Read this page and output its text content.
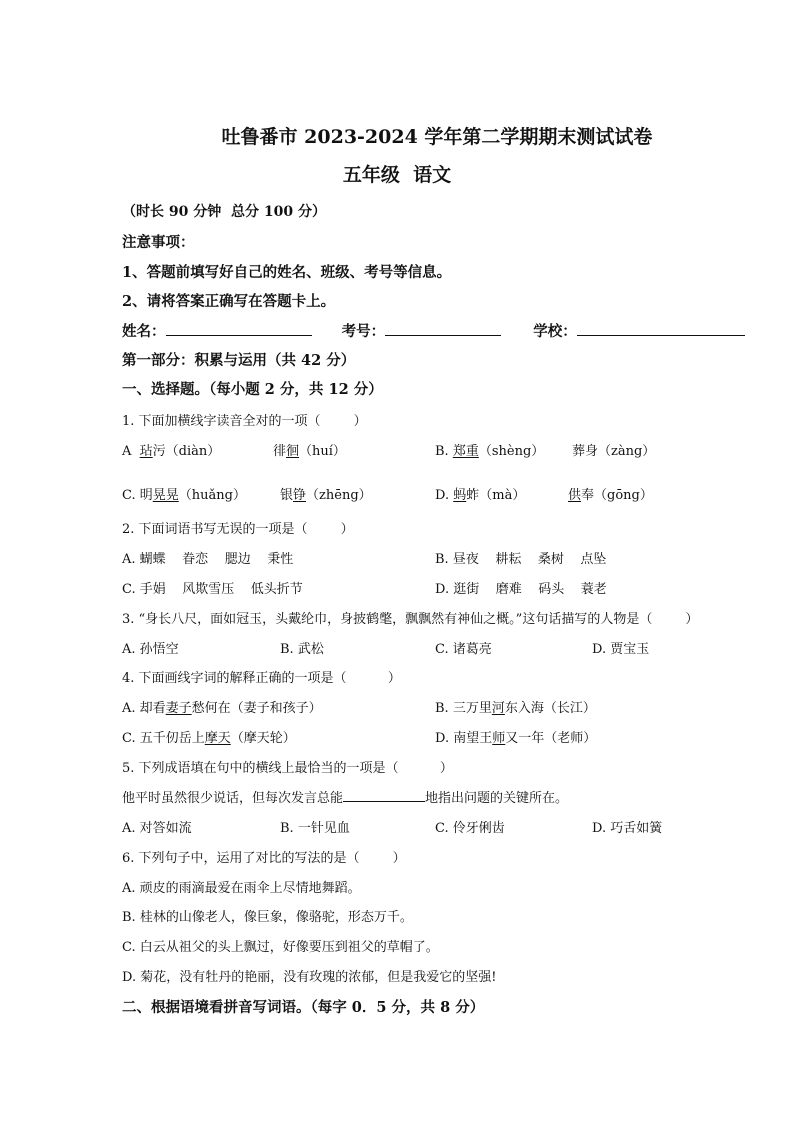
吐鲁番市 2023-2024 学年第二学期期末测试试卷
五年级  语文
（时长 90 分钟  总分 100 分）
注意事项：
1、答题前填写好自己的姓名、班级、考号等信息。
2、请将答案正确写在答题卡上。
姓名：	考号：	学校：
第一部分：积累与运用（共 42 分）
一、选择题。（每小题 2 分，共 12 分）
1. 下面加横线字读音全对的一项（        ）
A 玷污（diàn）	徘徊（huí）	B. 郑重（shèng） 葬身（zàng）
C. 明晃晃（huǎng）	银铮（zhēng）	D. 蚂蚱（mà）	供奉（gōng）
2. 下面词语书写无误的一项是（        ）
A. 蝴蝶    眷恋    腮边    秉性	B. 昼夜    耕耘    桑树    点坠
C. 手娟    风欺雪压    低头折节	D. 逛街    磨难    码头    蓑老
3. “身长八尺，面如冠玉，头戴纶巾，身披鹤氅，飘飘然有神仙之概。”这句话描写的人物是（        ）
A. 孙悟空	B. 武松	C. 诸葛亮	D. 贾宝玉
4. 下面画线字词的解释正确的一项是（          ）
A. 却看妻子愁何在（妻子和孩子）	B. 三万里河东入海（长江）
C. 五千仞岳上摩天（摩天轮）	D. 南望王师又一年（老师）
5. 下列成语填在句中的横线上最恰当的一项是（          ）
他平时虽然很少说话，但每次发言总能	地指出问题的关键所在。
A. 对答如流	B. 一针见血	C. 伶牙俐齿	D. 巧舌如簧
6. 下列句子中，运用了对比的写法的是（        ）
A. 顽皮的雨滴最爱在雨伞上尽情地舞蹈。
B. 桂林的山像老人，像巨象，像骆驼，形态万千。
C. 白云从祖父的头上飘过，好像要压到祖父的草帽了。
D. 菊花，没有牡丹的艳丽，没有玫瑰的浓郁，但是我爱它的坚强!
二、根据语境看拼音写词语。（每字 0．5 分，共 8 分）
